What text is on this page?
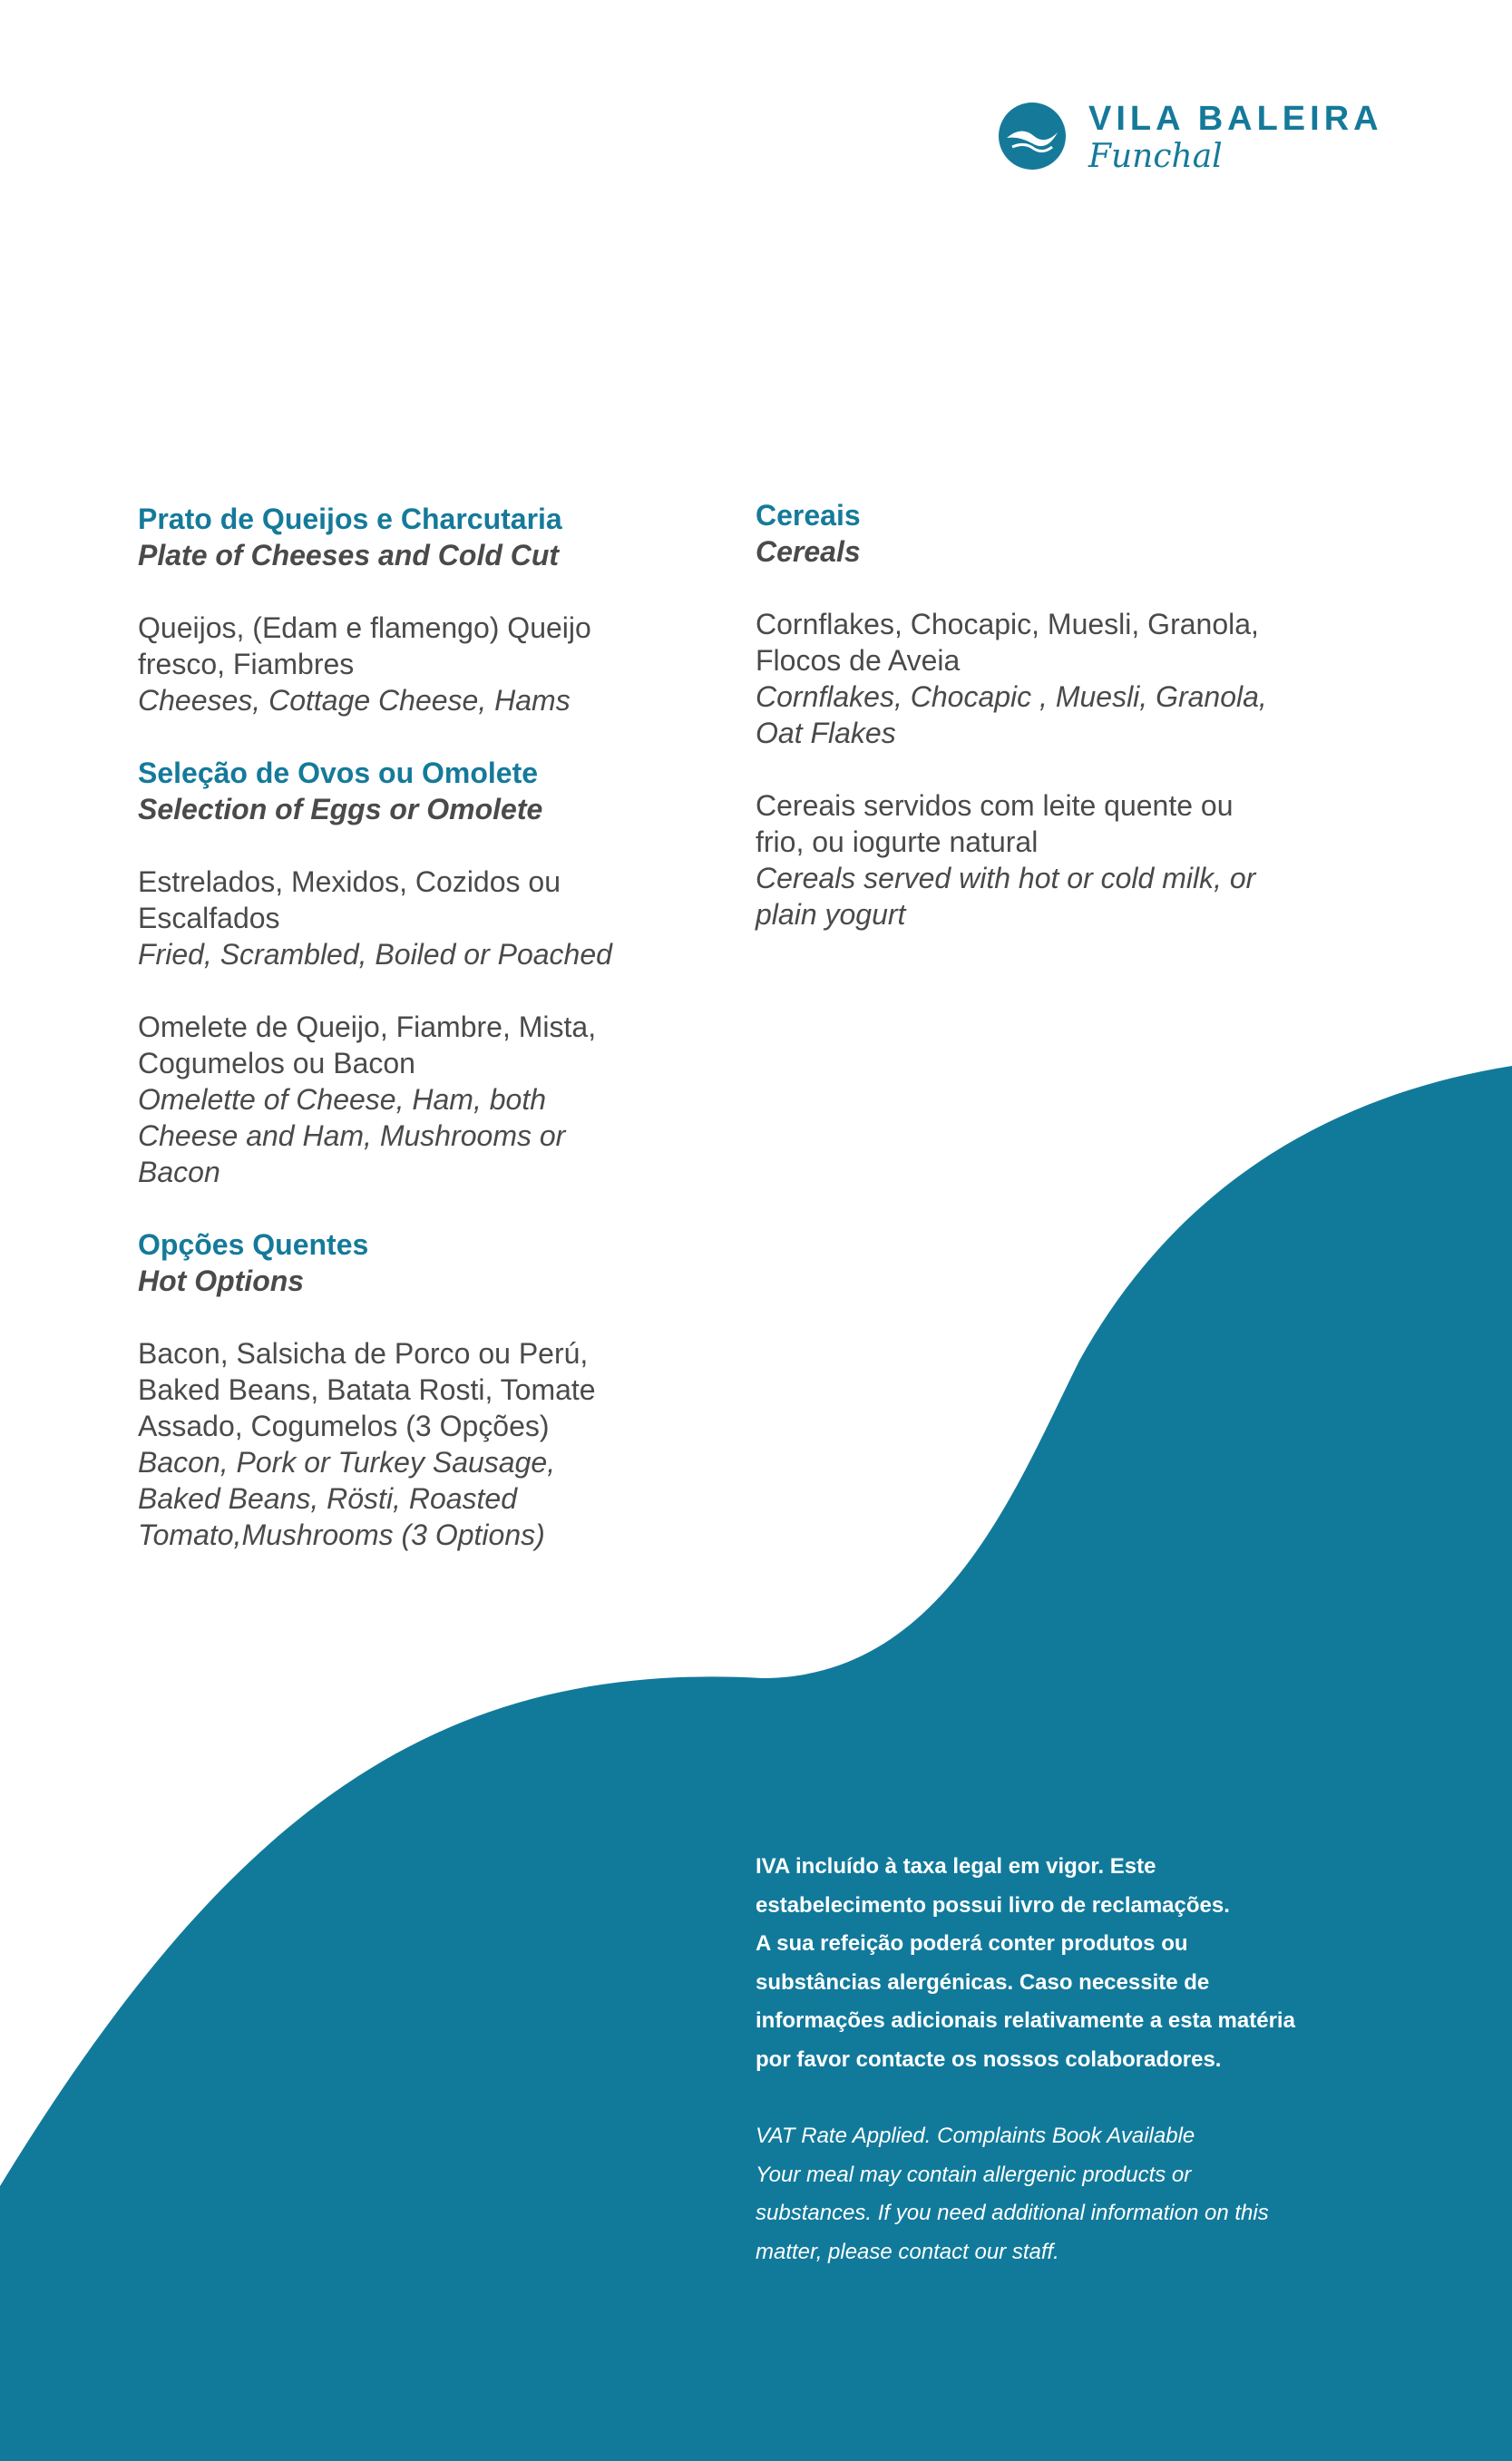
VILA BALEIRA
Funchal
Prato de Queijos e Charcutaria
Plate of Cheeses and Cold Cut
Queijos, (Edam e flamengo) Queijo
fresco, Fiambres
Cheeses, Cottage Cheese, Hams
Seleção de Ovos ou Omolete
Selection of Eggs or Omolete
Estrelados, Mexidos, Cozidos ou
Escalfados
Fried, Scrambled, Boiled or Poached
Omelete de Queijo, Fiambre, Mista,
Cogumelos ou Bacon
Omelette of Cheese, Ham, both
Cheese and Ham, Mushrooms or
Bacon
Opções Quentes
Hot Options
Bacon, Salsicha de Porco ou Perú,
Baked Beans, Batata Rosti, Tomate
Assado, Cogumelos (3 Opções)
Bacon, Pork or Turkey Sausage,
Baked Beans, Rösti, Roasted
Tomato,Mushrooms (3 Options)
Cereais
Cereals
Cornflakes, Chocapic, Muesli, Granola,
Flocos de Aveia
Cornflakes, Chocapic , Muesli, Granola,
Oat Flakes
Cereais servidos com leite quente ou
frio, ou iogurte natural
Cereals served with hot or cold milk, or
plain yogurt
IVA incluído à taxa legal em vigor. Este
estabelecimento possui livro de reclamações.
A sua refeição poderá conter produtos ou
substâncias alergénicas. Caso necessite de
informações adicionais relativamente a esta matéria
por favor contacte os nossos colaboradores.
VAT Rate Applied. Complaints Book Available
Your meal may contain allergenic products or
substances. If you need additional information on this
matter, please contact our staff.
